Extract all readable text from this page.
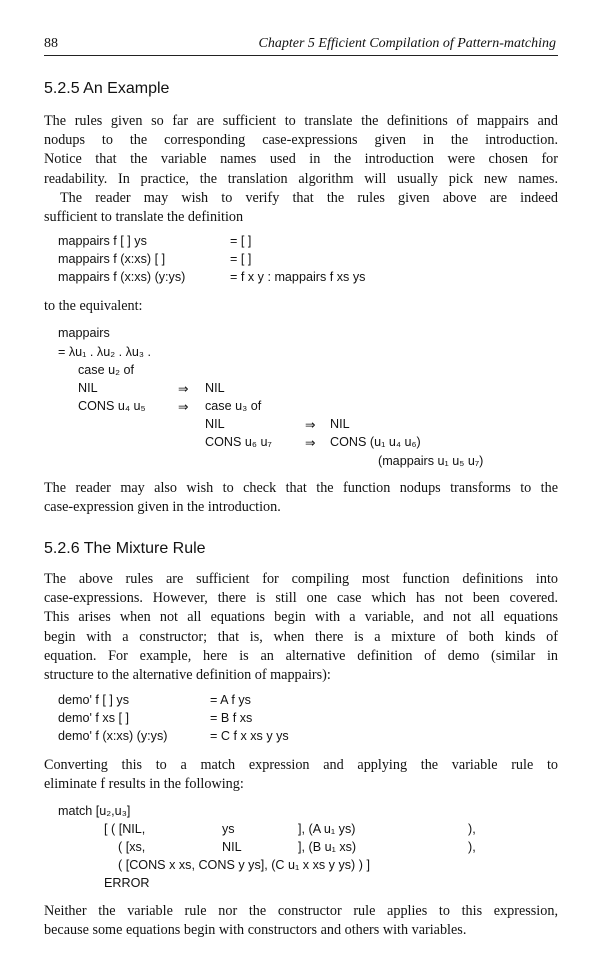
88	Chapter 5 Efficient Compilation of Pattern-matching
5.2.5 An Example
The rules given so far are sufficient to translate the definitions of mappairs and
nodups to the corresponding case-expressions given in the introduction.
Notice that the variable names used in the introduction were chosen for
readability. In practice, the translation algorithm will usually pick new names.
The reader may wish to verify that the rules given above are indeed
sufficient to translate the definition
mappairs f [ ] ys	= [ ]
mappairs f (x:xs) [ ]	= [ ]
mappairs f (x:xs) (y:ys)	= f x y : mappairs f xs ys
to the equivalent:
mappairs
= λu₁ . λu₂ . λu₃ .
case u₂ of
NIL	⇒ NIL
CONS u₄ u₅	⇒ case u₃ of
NIL	⇒ NIL
CONS u₆ u₇	⇒ CONS (u₁ u₄ u₆)
(mappairs u₁ u₅ u₇)
The reader may also wish to check that the function nodups transforms to the
case-expression given in the introduction.
5.2.6 The Mixture Rule
The above rules are sufficient for compiling most function definitions into
case-expressions. However, there is still one case which has not been covered.
This arises when not all equations begin with a variable, and not all equations
begin with a constructor; that is, when there is a mixture of both kinds of
equation. For example, here is an alternative definition of demo (similar in
structure to the alternative definition of mappairs):
demo' f [ ] ys	= A f ys
demo' f xs [ ]	= B f xs
demo' f (x:xs) (y:ys)	= C f x xs y ys
Converting this to a match expression and applying the variable rule to
eliminate f results in the following:
match [u₂,u₃]
[ ( [NIL,	ys	], (A u₁ ys)	),
( [xs,	NIL	], (B u₁ xs)	),
( [CONS x xs, CONS y ys], (C u₁ x xs y ys) ) ]
ERROR
Neither the variable rule nor the constructor rule applies to this expression,
because some equations begin with constructors and others with variables.
